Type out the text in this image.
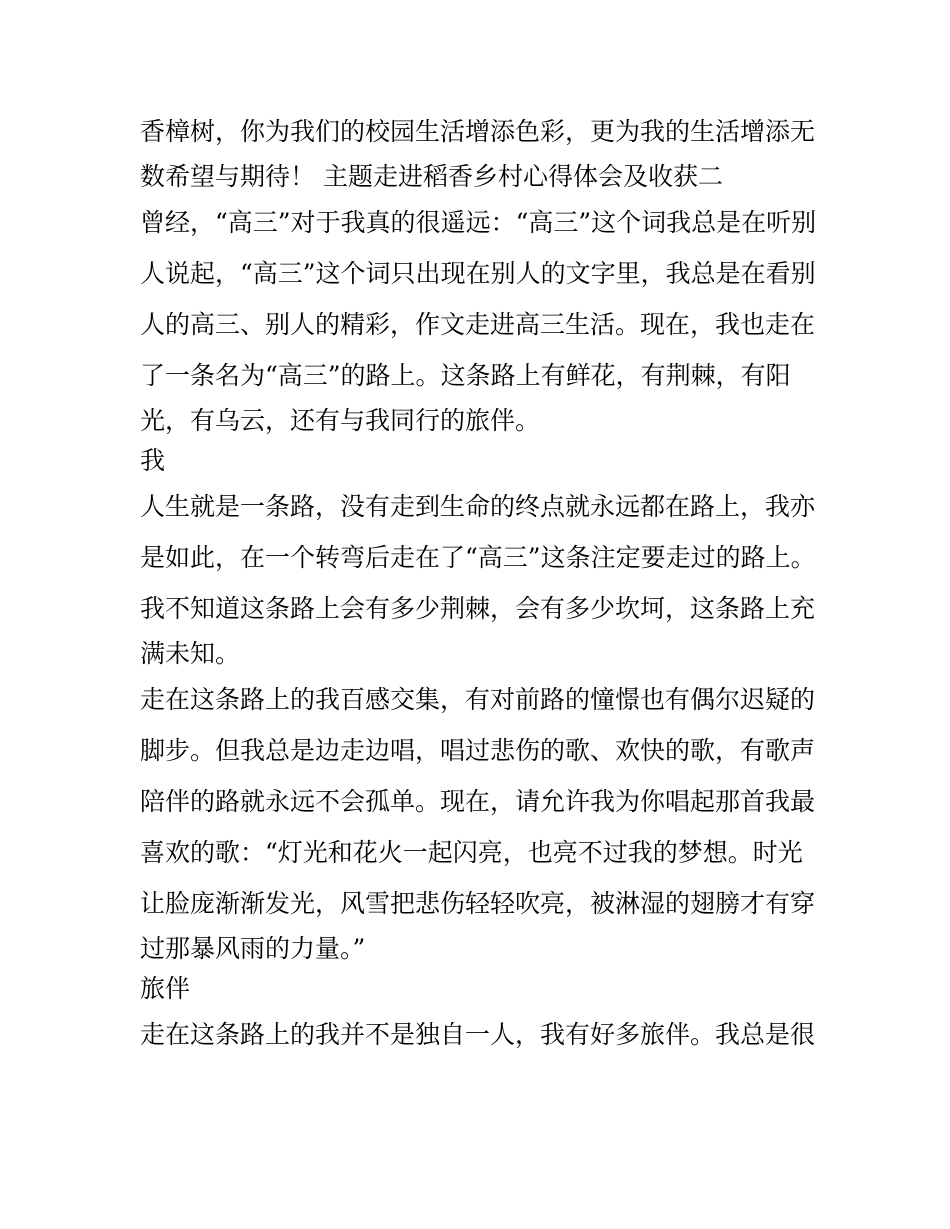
香樟树，你为我们的校园生活增添色彩，更为我的生活增添无

数希望与期待！ 主题走进稻香乡村心得体会及收获二

曾经，“高三”对于我真的很遥远：“高三”这个词我总是在听别

人说起，“高三”这个词只出现在别人的文字里，我总是在看别

人的高三、别人的精彩，作文走进高三生活。现在，我也走在

了一条名为“高三”的路上。这条路上有鲜花，有荆棘，有阳

光，有乌云，还有与我同行的旅伴。

我

人生就是一条路，没有走到生命的终点就永远都在路上，我亦

是如此，在一个转弯后走在了“高三”这条注定要走过的路上。

我不知道这条路上会有多少荆棘，会有多少坎坷，这条路上充

满未知。

走在这条路上的我百感交集，有对前路的憧憬也有偶尔迟疑的

脚步。但我总是边走边唱，唱过悲伤的歌、欢快的歌，有歌声

陪伴的路就永远不会孤单。现在，请允许我为你唱起那首我最

喜欢的歌：“灯光和花火一起闪亮，也亮不过我的梦想。时光

让脸庞渐渐发光，风雪把悲伤轻轻吹亮，被淋湿的翅膀才有穿

过那暴风雨的力量。”

旅伴

走在这条路上的我并不是独自一人，我有好多旅伴。我总是很
